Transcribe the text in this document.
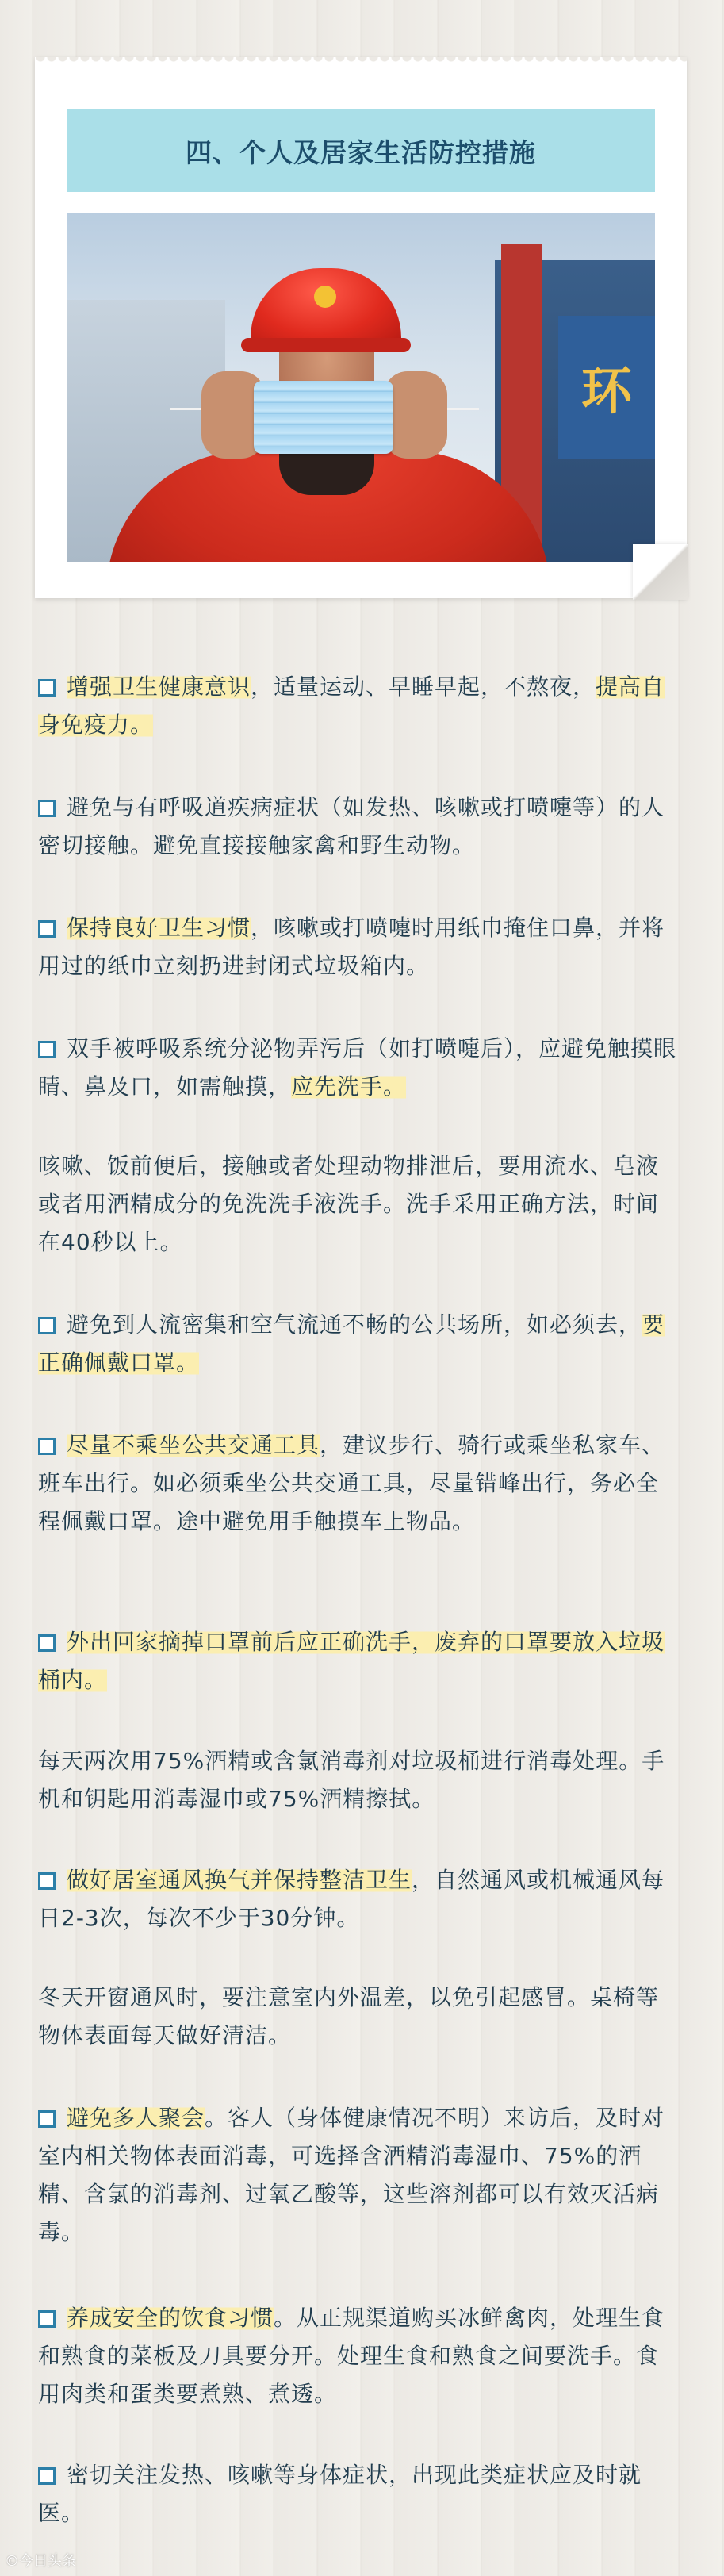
四、个人及居家生活防控措施
环
增强卫生健康意识，适量运动、早睡早起，不熬夜，提高自身免疫力。
避免与有呼吸道疾病症状（如发热、咳嗽或打喷嚏等）的人密切接触。避免直接接触家禽和野生动物。
保持良好卫生习惯，咳嗽或打喷嚏时用纸巾掩住口鼻，并将用过的纸巾立刻扔进封闭式垃圾箱内。
双手被呼吸系统分泌物弄污后（如打喷嚏后），应避免触摸眼睛、鼻及口，如需触摸，应先洗手。
咳嗽、饭前便后，接触或者处理动物排泄后，要用流水、皂液或者用酒精成分的免洗洗手液洗手。洗手采用正确方法，时间在40秒以上。
避免到人流密集和空气流通不畅的公共场所，如必须去，要正确佩戴口罩。
尽量不乘坐公共交通工具，建议步行、骑行或乘坐私家车、班车出行。如必须乘坐公共交通工具，尽量错峰出行，务必全程佩戴口罩。途中避免用手触摸车上物品。
外出回家摘掉口罩前后应正确洗手，废弃的口罩要放入垃圾桶内。
每天两次用75%酒精或含氯消毒剂对垃圾桶进行消毒处理。手机和钥匙用消毒湿巾或75%酒精擦拭。
做好居室通风换气并保持整洁卫生，自然通风或机械通风每日2-3次，每次不少于30分钟。
冬天开窗通风时，要注意室内外温差，以免引起感冒。桌椅等物体表面每天做好清洁。
避免多人聚会。客人（身体健康情况不明）来访后，及时对室内相关物体表面消毒，可选择含酒精消毒湿巾、75%的酒精、含氯的消毒剂、过氧乙酸等，这些溶剂都可以有效灭活病毒。
养成安全的饮食习惯。从正规渠道购买冰鲜禽肉，处理生食和熟食的菜板及刀具要分开。处理生食和熟食之间要洗手。食用肉类和蛋类要煮熟、煮透。
密切关注发热、咳嗽等身体症状，出现此类症状应及时就医。
©今日头条
